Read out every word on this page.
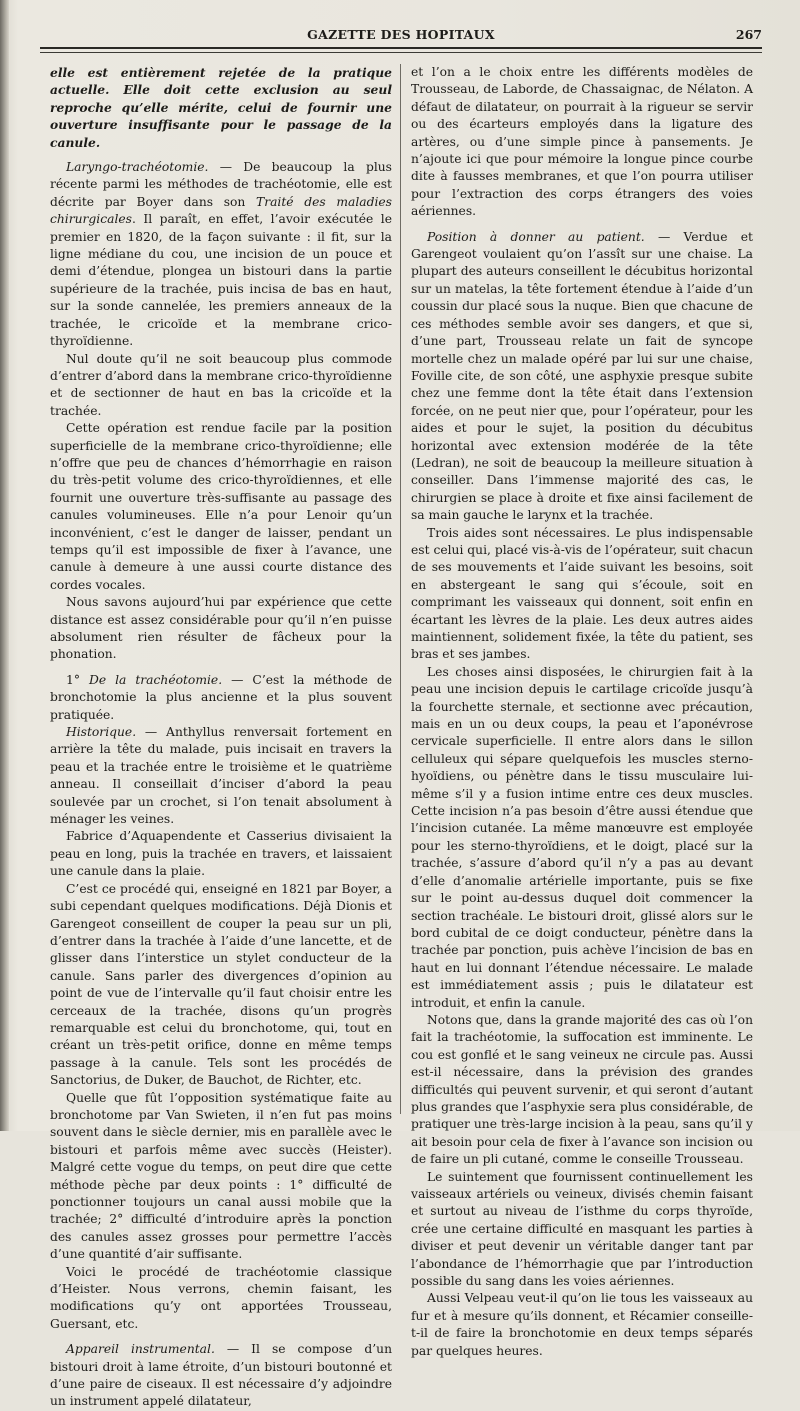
GAZETTE DES HOPITAUX	267

elle est entièrement rejetée de la pratique actuelle. Elle doit cette exclusion au seul reproche qu’elle mérite, celui de fournir une ouverture insuffisante pour le passage de la canule.

Laryngo-trachéotomie. — De beaucoup la plus récente parmi les méthodes de trachéotomie, elle est décrite par Boyer dans son Traité des maladies chirurgicales. Il paraît, en effet, l’avoir exécutée le premier en 1820, de la façon suivante : il fit, sur la ligne médiane du cou, une incision de un pouce et demi d’étendue, plongea un bistouri dans la partie supérieure de la trachée, puis incisa de bas en haut, sur la sonde cannelée, les premiers anneaux de la trachée, le cricoïde et la membrane crico-thyroïdienne.

Nul doute qu’il ne soit beaucoup plus commode d’entrer d’abord dans la membrane crico-thyroïdienne et de sectionner de haut en bas la cricoïde et la trachée.

Cette opération est rendue facile par la position superficielle de la membrane crico-thyroïdienne; elle n’offre que peu de chances d’hémorrhagie en raison du très-petit volume des crico-thyroïdiennes, et elle fournit une ouverture très-suffisante au passage des canules volumineuses. Elle n’a pour Lenoir qu’un inconvénient, c’est le danger de laisser, pendant un temps qu’il est impossible de fixer à l’avance, une canule à demeure à une aussi courte distance des cordes vocales.

Nous savons aujourd’hui par expérience que cette distance est assez considérable pour qu’il n’en puisse absolument rien résulter de fâcheux pour la phonation.

1° De la trachéotomie. — C’est la méthode de bronchotomie la plus ancienne et la plus souvent pratiquée.

Historique. — Anthyllus renversait fortement en arrière la tête du malade, puis incisait en travers la peau et la trachée entre le troisième et le quatrième anneau. Il conseillait d’inciser d’abord la peau soulevée par un crochet, si l’on tenait absolument à ménager les veines.

Fabrice d’Aquapendente et Casserius divisaient la peau en long, puis la trachée en travers, et laissaient une canule dans la plaie.

C’est ce procédé qui, enseigné en 1821 par Boyer, a subi cependant quelques modifications. Déjà Dionis et Garengeot conseillent de couper la peau sur un pli, d’entrer dans la trachée à l’aide d’une lancette, et de glisser dans l’interstice un stylet conducteur de la canule. Sans parler des divergences d’opinion au point de vue de l’intervalle qu’il faut choisir entre les cerceaux de la trachée, disons qu’un progrès remarquable est celui du bronchotome, qui, tout en créant un très-petit orifice, donne en même temps passage à la canule. Tels sont les procédés de Sanctorius, de Duker, de Bauchot, de Richter, etc.

Quelle que fût l’opposition systématique faite au bronchotome par Van Swieten, il n’en fut pas moins souvent dans le siècle dernier, mis en parallèle avec le bistouri et parfois même avec succès (Heister). Malgré cette vogue du temps, on peut dire que cette méthode pèche par deux points : 1° difficulté de ponctionner toujours un canal aussi mobile que la trachée; 2° difficulté d’introduire après la ponction des canules assez grosses pour permettre l’accès d’une quantité d’air suffisante.

Voici le procédé de trachéotomie classique d’Heister. Nous verrons, chemin faisant, les modifications qu’y ont apportées Trousseau, Guersant, etc.

Appareil instrumental. — Il se compose d’un bistouri droit à lame étroite, d’un bistouri boutonné et d’une paire de ciseaux. Il est nécessaire d’y adjoindre un instrument appelé dilatateur,

et l’on a le choix entre les différents modèles de Trousseau, de Laborde, de Chassaignac, de Nélaton. A défaut de dilatateur, on pourrait à la rigueur se servir ou des écarteurs employés dans la ligature des artères, ou d’une simple pince à pansements. Je n’ajoute ici que pour mémoire la longue pince courbe dite à fausses membranes, et que l’on pourra utiliser pour l’extraction des corps étrangers des voies aériennes.

Position à donner au patient. — Verdue et Garengeot voulaient qu’on l’assît sur une chaise. La plupart des auteurs conseillent le décubitus horizontal sur un matelas, la tête fortement étendue à l’aide d’un coussin dur placé sous la nuque. Bien que chacune de ces méthodes semble avoir ses dangers, et que si, d’une part, Trousseau relate un fait de syncope mortelle chez un malade opéré par lui sur une chaise, Foville cite, de son côté, une asphyxie presque subite chez une femme dont la tête était dans l’extension forcée, on ne peut nier que, pour l’opérateur, pour les aides et pour le sujet, la position du décubitus horizontal avec extension modérée de la tête (Ledran), ne soit de beaucoup la meilleure situation à conseiller. Dans l’immense majorité des cas, le chirurgien se place à droite et fixe ainsi facilement de sa main gauche le larynx et la trachée.

Trois aides sont nécessaires. Le plus indispensable est celui qui, placé vis-à-vis de l’opérateur, suit chacun de ses mouvements et l’aide suivant les besoins, soit en abstergeant le sang qui s’écoule, soit en comprimant les vaisseaux qui donnent, soit enfin en écartant les lèvres de la plaie. Les deux autres aides maintiennent, solidement fixée, la tête du patient, ses bras et ses jambes.

Les choses ainsi disposées, le chirurgien fait à la peau une incision depuis le cartilage cricoïde jusqu’à la fourchette sternale, et sectionne avec précaution, mais en un ou deux coups, la peau et l’aponévrose cervicale superficielle. Il entre alors dans le sillon celluleux qui sépare quelquefois les muscles sterno-hyoïdiens, ou pénètre dans le tissu musculaire lui-même s’il y a fusion intime entre ces deux muscles. Cette incision n’a pas besoin d’être aussi étendue que l’incision cutanée. La même manœuvre est employée pour les sterno-thyroïdiens, et le doigt, placé sur la trachée, s’assure d’abord qu’il n’y a pas au devant d’elle d’anomalie artérielle importante, puis se fixe sur le point au-dessus duquel doit commencer la section trachéale. Le bistouri droit, glissé alors sur le bord cubital de ce doigt conducteur, pénètre dans la trachée par ponction, puis achève l’incision de bas en haut en lui donnant l’étendue nécessaire. Le malade est immédiatement assis ; puis le dilatateur est introduit, et enfin la canule.

Notons que, dans la grande majorité des cas où l’on fait la trachéotomie, la suffocation est imminente. Le cou est gonflé et le sang veineux ne circule pas. Aussi est-il nécessaire, dans la prévision des grandes difficultés qui peuvent survenir, et qui seront d’autant plus grandes que l’asphyxie sera plus considérable, de pratiquer une très-large incision à la peau, sans qu’il y ait besoin pour cela de fixer à l’avance son incision ou de faire un pli cutané, comme le conseille Trousseau.

Le suintement que fournissent continuellement les vaisseaux artériels ou veineux, divisés chemin faisant et surtout au niveau de l’isthme du corps thyroïde, crée une certaine difficulté en masquant les parties à diviser et peut devenir un véritable danger tant par l’abondance de l’hémorrhagie que par l’introduction possible du sang dans les voies aériennes.

Aussi Velpeau veut-il qu’on lie tous les vaisseaux au fur et à mesure qu’ils donnent, et Récamier conseille-t-il de faire la bronchotomie en deux temps séparés par quelques heures.
